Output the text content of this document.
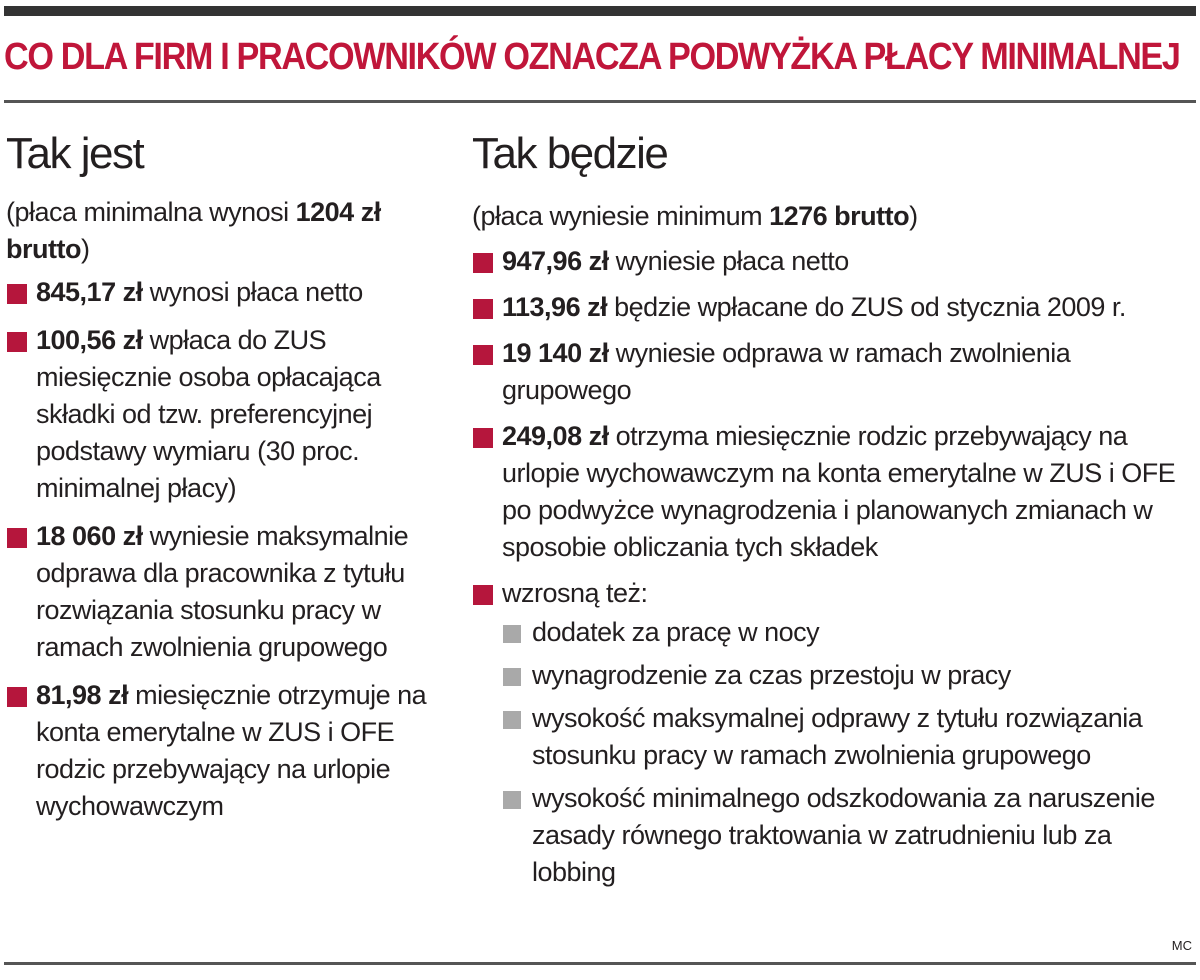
CO DLA FIRM I PRACOWNIKÓW OZNACZA PODWYŻKA PŁACY MINIMALNEJ
Tak jest

(płaca minimalna wynosi 1204 zł brutto)

845,17 zł wynosi płaca netto
100,56 zł wpłaca do ZUS miesięcznie osoba opłacająca składki od tzw. preferencyjnej podstawy wymiaru (30 proc. minimalnej płacy)
18 060 zł wyniesie maksymalnie odprawa dla pracownika z tytułu rozwiązania stosunku pracy w ramach zwolnienia grupowego
81,98 zł miesięcznie otrzymuje na konta emerytalne w ZUS i OFE rodzic przebywający na urlopie wychowawczym
Tak będzie

(płaca wyniesie minimum 1276 brutto)

947,96 zł wyniesie płaca netto
113,96 zł będzie wpłacane do ZUS od stycznia 2009 r.
19 140 zł wyniesie odprawa w ramach zwolnienia grupowego
249,08 zł otrzyma miesięcznie rodzic przebywający na urlopie wychowawczym na konta emerytalne w ZUS i OFE po podwyżce wynagrodzenia i planowanych zmianach w sposobie obliczania tych składek
wzrosną też:
dodatek za pracę w nocy
wynagrodzenie za czas przestoju w pracy
wysokość maksymalnej odprawy z tytułu rozwiązania stosunku pracy w ramach zwolnienia grupowego
wysokość minimalnego odszkodowania za naruszenie zasady równego traktowania w zatrudnieniu lub za lobbing
MC
